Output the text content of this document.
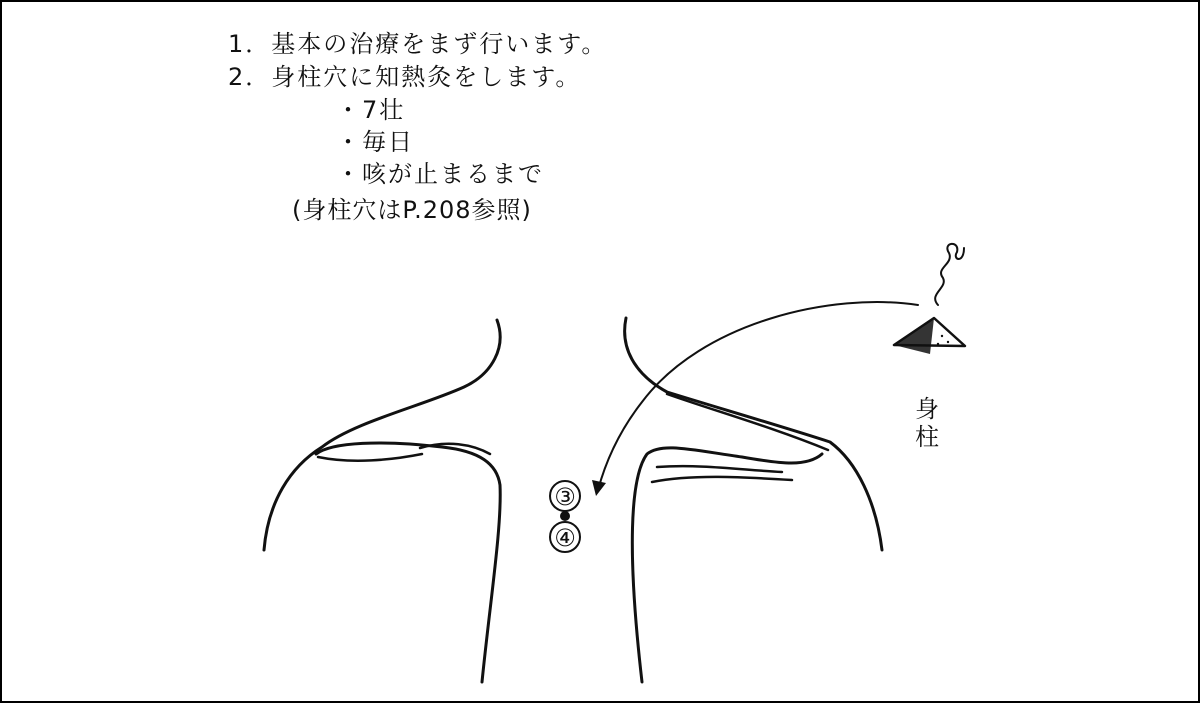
1．基本の治療をまず行います。
2．身柱穴に知熱灸をします。
・7壮
・毎日
・咳が止まるまで
(身柱穴はP.208参照)
身
柱
③
④
